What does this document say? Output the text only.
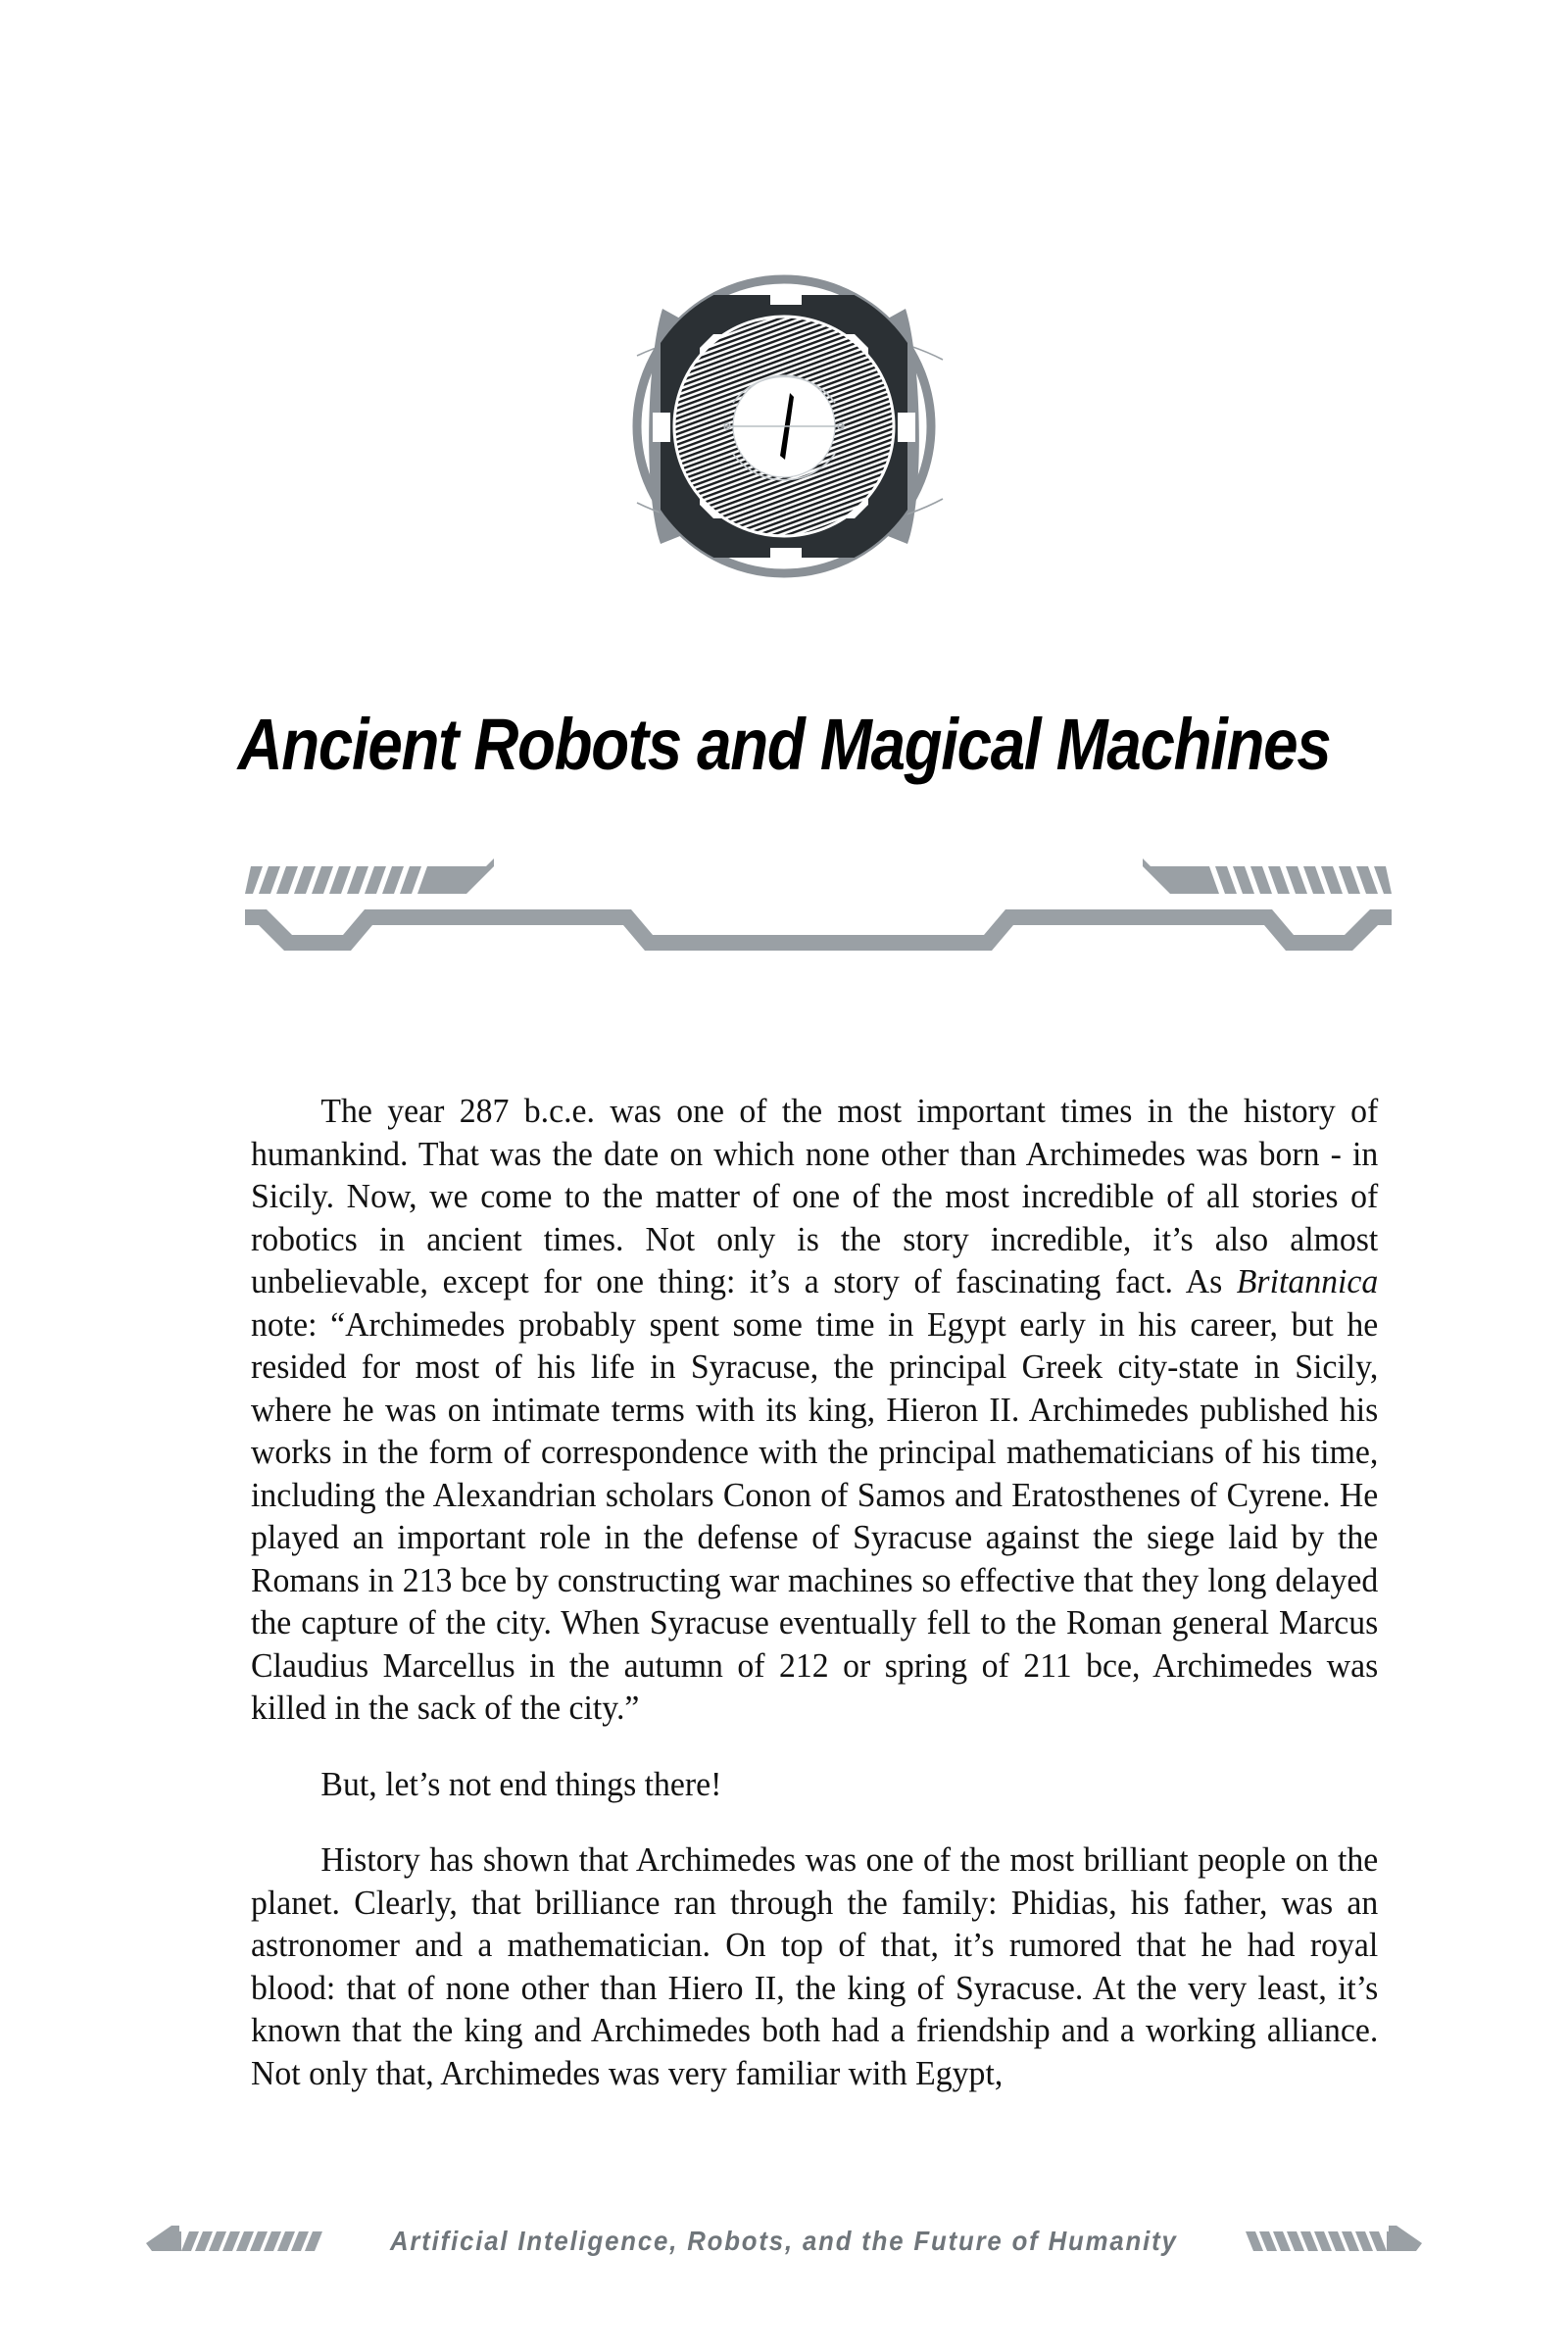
Ancient Robots and Magical Machines

The year 287 b.c.e. was one of the most important times in the history of humankind. That was the date on which none other than Archimedes was born - in Sicily. Now, we come to the matter of one of the most incredible of all stories of robotics in ancient times. Not only is the story incredible, it’s also almost unbelievable, except for one thing: it’s a story of fascinating fact. As Britannica note: “Archimedes probably spent some time in Egypt early in his career, but he resided for most of his life in Syracuse, the principal Greek city-state in Sicily, where he was on intimate terms with its king, Hieron II. Archimedes published his works in the form of correspondence with the principal mathematicians of his time, including the Alexandrian scholars Conon of Samos and Eratosthenes of Cyrene. He played an important role in the defense of Syracuse against the siege laid by the Romans in 213 bce by constructing war machines so effective that they long delayed the capture of the city. When Syracuse eventually fell to the Roman general Marcus Claudius Marcellus in the autumn of 212 or spring of 211 bce, Archimedes was killed in the sack of the city.”

But, let’s not end things there!

History has shown that Archimedes was one of the most brilliant people on the planet. Clearly, that brilliance ran through the family: Phidias, his father, was an astronomer and a mathematician. On top of that, it’s rumored that he had royal blood: that of none other than Hiero II, the king of Syracuse. At the very least, it’s known that the king and Archimedes both had a friendship and a working alliance. Not only that, Archimedes was very familiar with Egypt,

Artificial Inteligence, Robots, and the Future of Humanity
